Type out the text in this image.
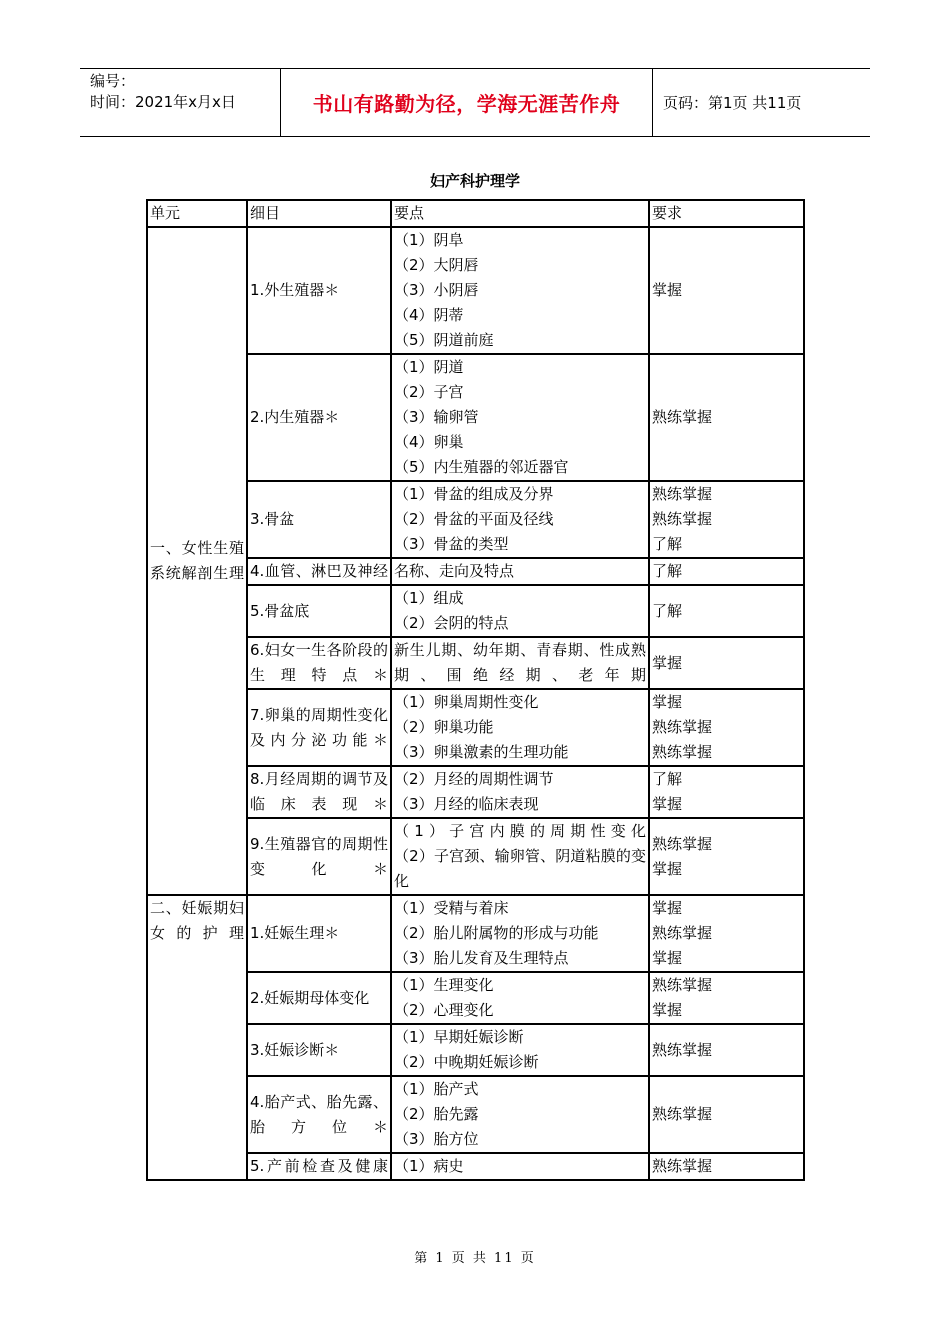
编号：
时间：2021年x月x日	书山有路勤为径，学海无涯苦作舟	页码：第1页 共11页
妇产科护理学
单元	细目	要点	要求
一、女性生殖系统解剖生理	1.外生殖器＊	（1）阴阜
（2）大阴唇
（3）小阴唇
（4）阴蒂
（5）阴道前庭	掌握

	2.内生殖器＊	（1）阴道
（2）子宫
（3）输卵管
（4）卵巢
（5）内生殖器的邻近器官	熟练掌握

	3.骨盆	（1）骨盆的组成及分界
（2）骨盆的平面及径线
（3）骨盆的类型	熟练掌握
熟练掌握
了解

	4.血管、淋巴及神经	名称、走向及特点	了解

	5.骨盆底	（1）组成
（2）会阴的特点	了解

	6.妇女一生各阶段的生理特点＊	新生儿期、幼年期、青春期、性成熟期、围绝经期、老年期	掌握

	7.卵巢的周期性变化及内分泌功能＊	（1）卵巢周期性变化
（2）卵巢功能
（3）卵巢激素的生理功能	掌握
熟练掌握
熟练掌握

	8.月经周期的调节及临床表现＊	（2）月经的周期性调节
（3）月经的临床表现	了解
掌握

	9.生殖器官的周期性变化＊	（1）子宫内膜的周期性变化
（2）子宫颈、输卵管、阴道粘膜的变化	熟练掌握
掌握

二、妊娠期妇女的护理	1.妊娠生理＊	（1）受精与着床
（2）胎儿附属物的形成与功能
（3）胎儿发育及生理特点	掌握
熟练掌握
掌握

	2.妊娠期母体变化	（1）生理变化
（2）心理变化	熟练掌握
掌握

	3.妊娠诊断＊	（1）早期妊娠诊断
（2）中晚期妊娠诊断	熟练掌握

	4.胎产式、胎先露、胎方位＊	（1）胎产式
（2）胎先露
（3）胎方位	熟练掌握

	5.产前检查及健康	（1）病史	熟练掌握
第 1 页 共 11 页
